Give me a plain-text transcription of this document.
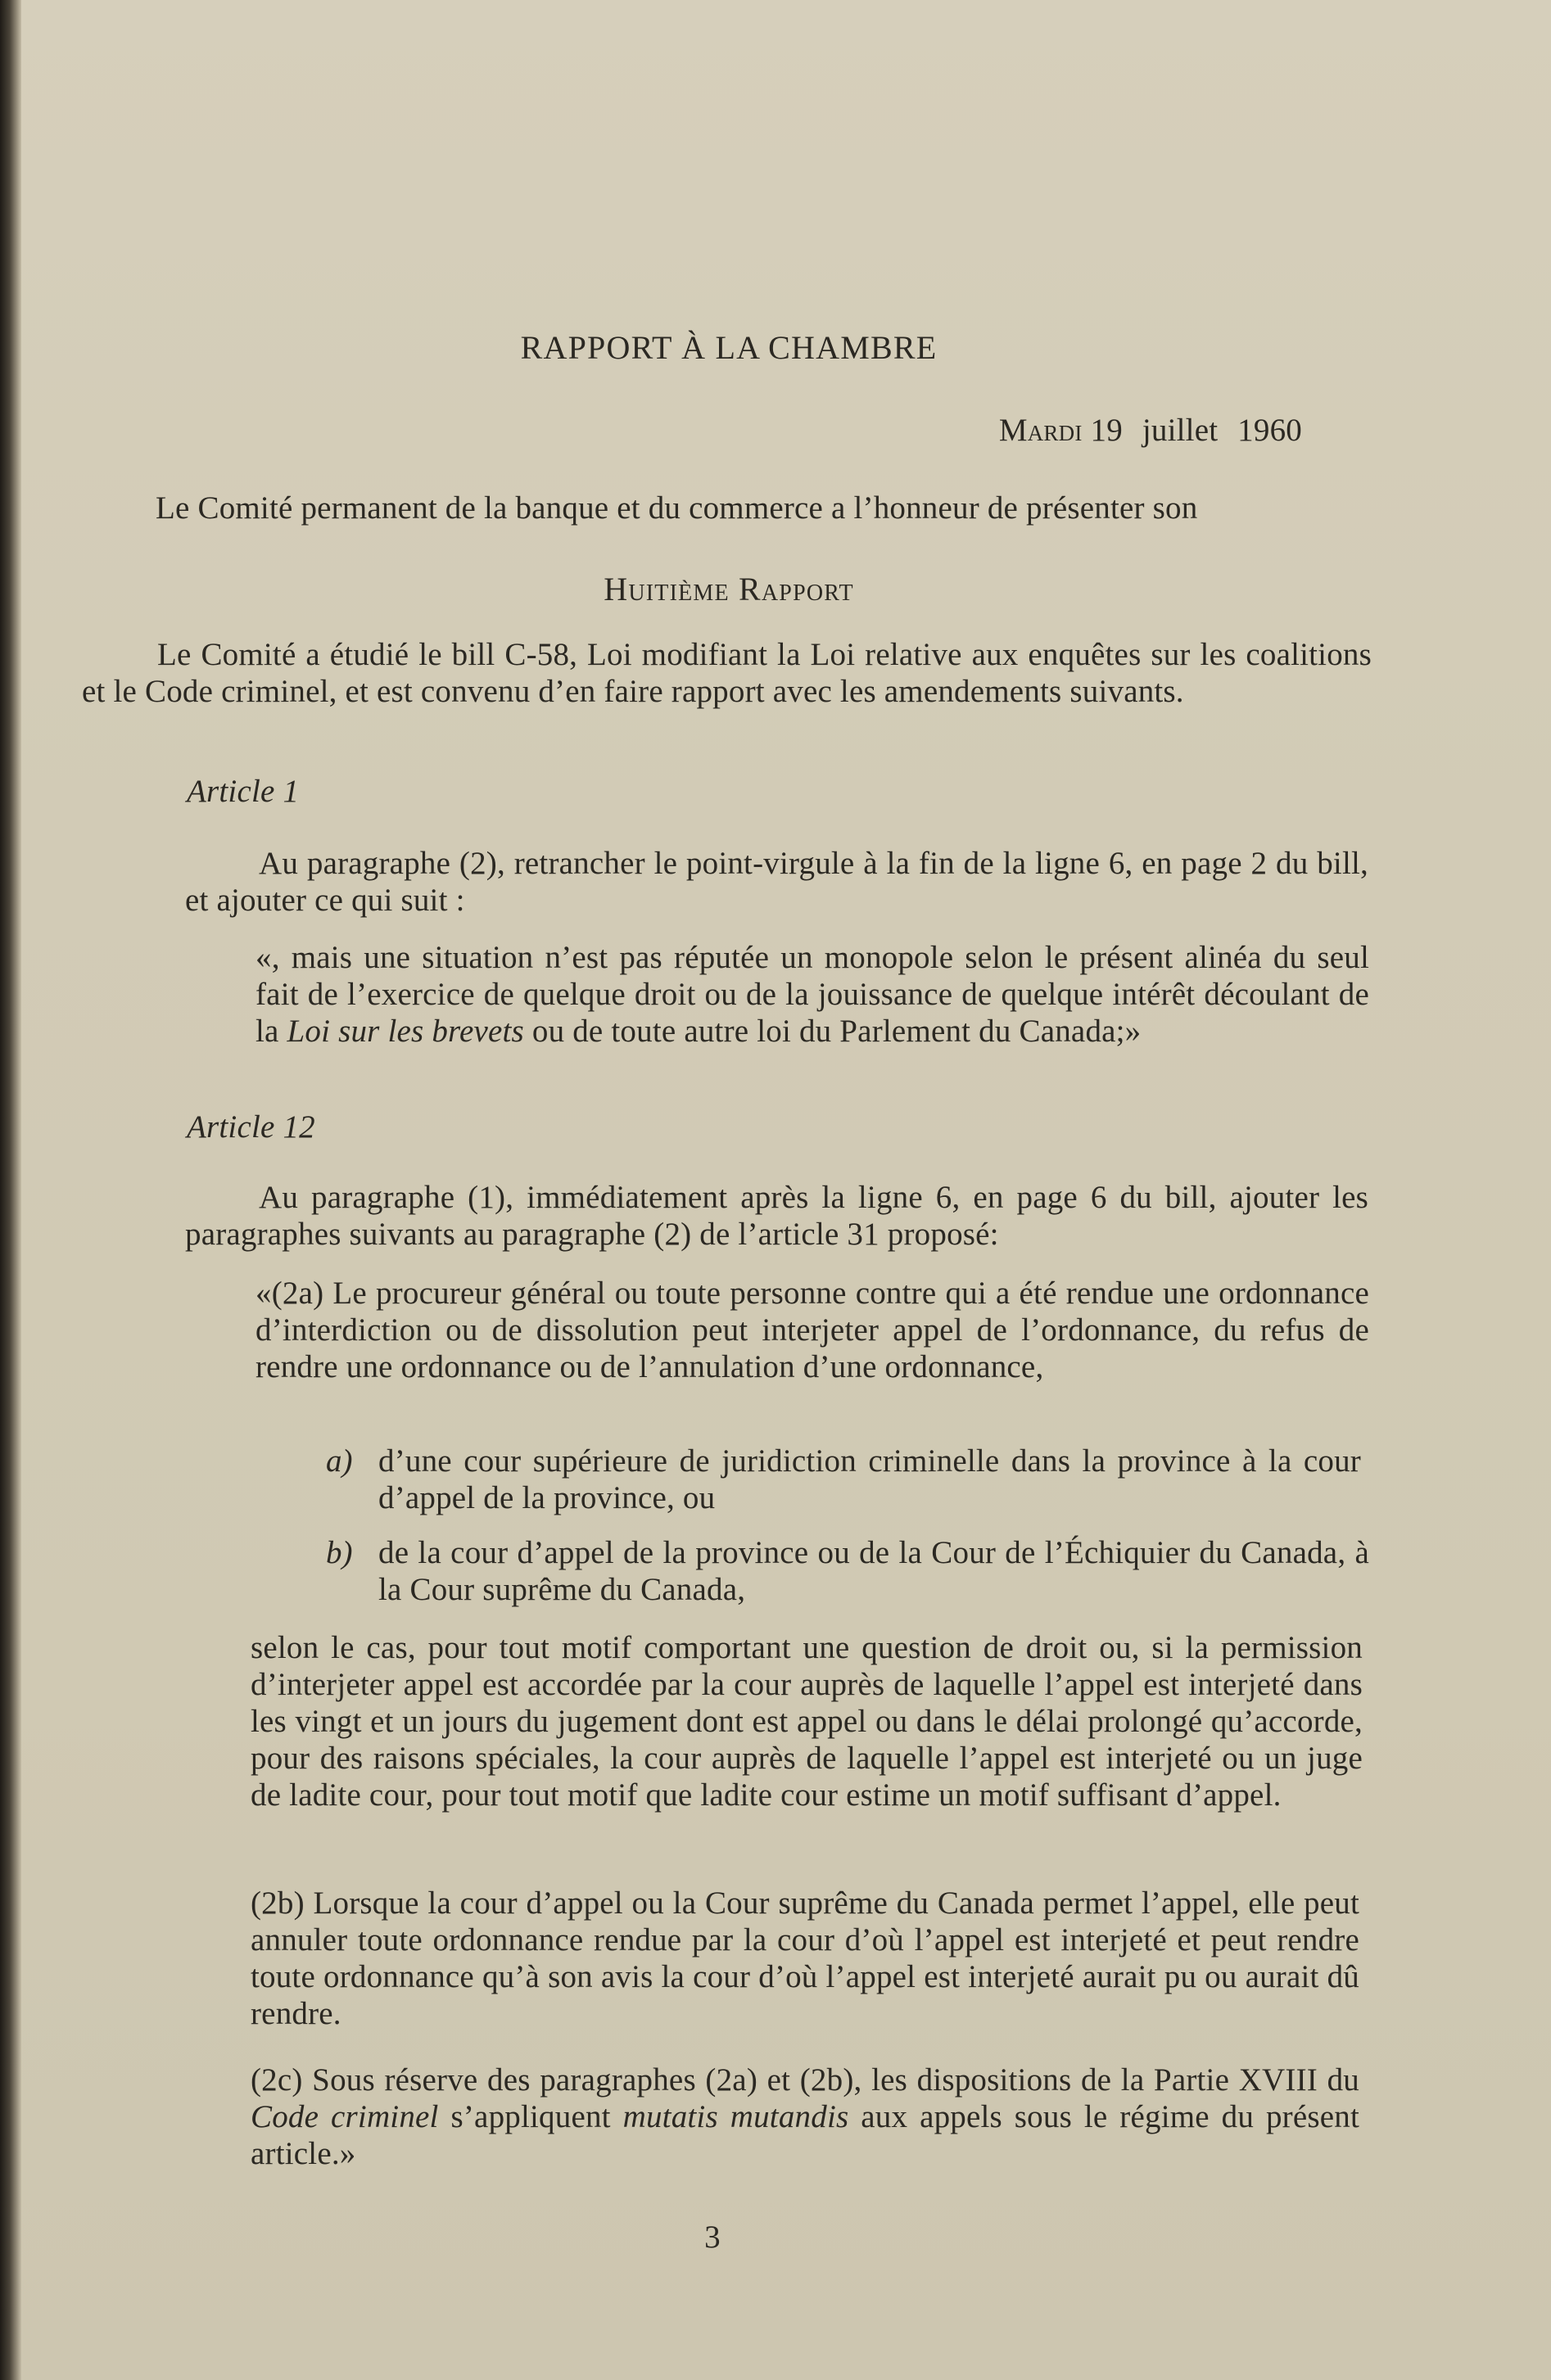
RAPPORT À LA CHAMBRE

Mardi 19 juillet 1960

Le Comité permanent de la banque et du commerce a l’honneur de présenter son

Huitième Rapport

Le Comité a étudié le bill C-58, Loi modifiant la Loi relative aux enquêtes sur les coalitions et le Code criminel, et est convenu d’en faire rapport avec les amendements suivants.

Article 1

Au paragraphe (2), retrancher le point-virgule à la fin de la ligne 6, en page 2 du bill, et ajouter ce qui suit :

«, mais une situation n’est pas réputée un monopole selon le présent alinéa du seul fait de l’exercice de quelque droit ou de la jouissance de quelque intérêt découlant de la Loi sur les brevets ou de toute autre loi du Parlement du Canada;»

Article 12

Au paragraphe (1), immédiatement après la ligne 6, en page 6 du bill, ajouter les paragraphes suivants au paragraphe (2) de l’article 31 proposé:

«(2a) Le procureur général ou toute personne contre qui a été rendue une ordonnance d’interdiction ou de dissolution peut interjeter appel de l’ordonnance, du refus de rendre une ordonnance ou de l’annulation d’une ordonnance,

a) d’une cour supérieure de juridiction criminelle dans la province à la cour d’appel de la province, ou

b) de la cour d’appel de la province ou de la Cour de l’Échiquier du Canada, à la Cour suprême du Canada,

selon le cas, pour tout motif comportant une question de droit ou, si la permission d’interjeter appel est accordée par la cour auprès de laquelle l’appel est interjeté dans les vingt et un jours du jugement dont est appel ou dans le délai prolongé qu’accorde, pour des raisons spéciales, la cour auprès de laquelle l’appel est interjeté ou un juge de ladite cour, pour tout motif que ladite cour estime un motif suffisant d’appel.

(2b) Lorsque la cour d’appel ou la Cour suprême du Canada permet l’appel, elle peut annuler toute ordonnance rendue par la cour d’où l’appel est interjeté et peut rendre toute ordonnance qu’à son avis la cour d’où l’appel est interjeté aurait pu ou aurait dû rendre.

(2c) Sous réserve des paragraphes (2a) et (2b), les dispositions de la Partie XVIII du Code criminel s’appliquent mutatis mutandis aux appels sous le régime du présent article.»

3
